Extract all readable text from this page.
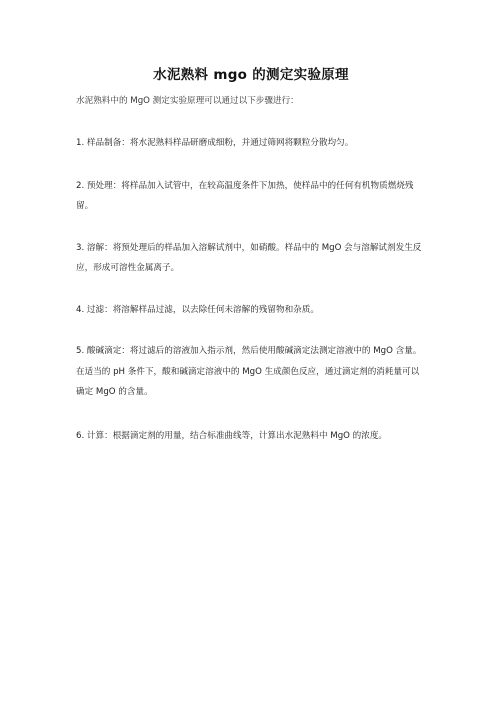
水泥熟料 mgo 的测定实验原理

水泥熟料中的 MgO 测定实验原理可以通过以下步骤进行：

1. 样品制备：将水泥熟料样品研磨成细粉，并通过筛网将颗粒分散均匀。
2. 预处理：将样品加入试管中，在较高温度条件下加热，使样品中的任何有机物质燃烧残留。
3. 溶解：将预处理后的样品加入溶解试剂中，如硝酸。样品中的 MgO 会与溶解试剂发生反应，形成可溶性金属离子。
4. 过滤：将溶解样品过滤，以去除任何未溶解的残留物和杂质。
5. 酸碱滴定：将过滤后的溶液加入指示剂，然后使用酸碱滴定法测定溶液中的 MgO 含量。在适当的 pH 条件下，酸和碱滴定溶液中的 MgO 生成颜色反应，通过滴定剂的消耗量可以确定 MgO 的含量。
6. 计算：根据滴定剂的用量，结合标准曲线等，计算出水泥熟料中 MgO 的浓度。
